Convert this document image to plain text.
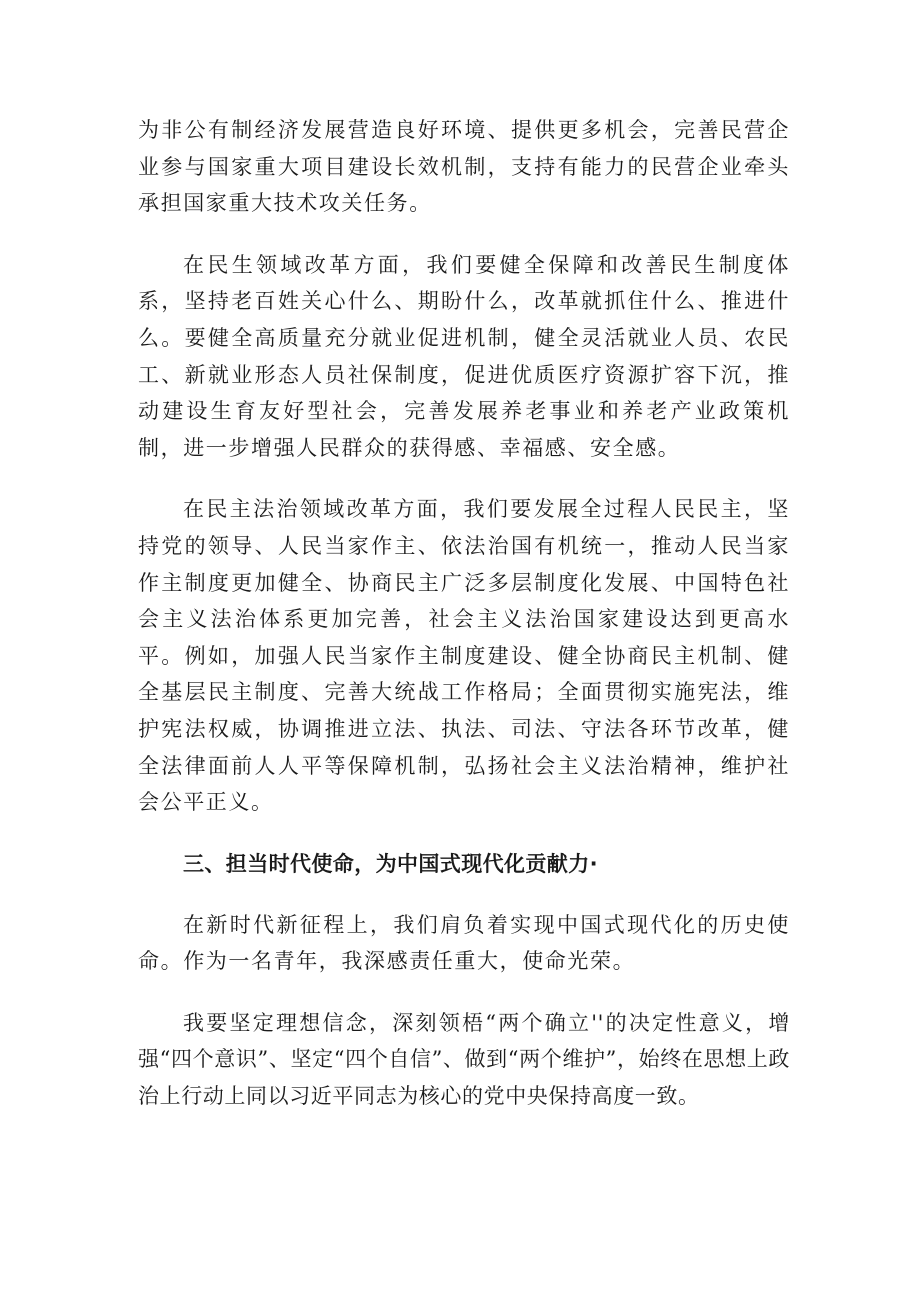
为非公有制经济发展营造良好环境、提供更多机会，完善民营企业参与国家重大项目建设长效机制，支持有能力的民营企业牵头承担国家重大技术攻关任务。

在民生领域改革方面，我们要健全保障和改善民生制度体系，坚持老百姓关心什么、期盼什么，改革就抓住什么、推进什么。要健全高质量充分就业促进机制，健全灵活就业人员、农民工、新就业形态人员社保制度，促进优质医疗资源扩容下沉，推动建设生育友好型社会，完善发展养老事业和养老产业政策机制，进一步增强人民群众的获得感、幸福感、安全感。

在民主法治领域改革方面，我们要发展全过程人民民主，坚持党的领导、人民当家作主、依法治国有机统一，推动人民当家作主制度更加健全、协商民主广泛多层制度化发展、中国特色社会主义法治体系更加完善，社会主义法治国家建设达到更高水平。例如，加强人民当家作主制度建设、健全协商民主机制、健全基层民主制度、完善大统战工作格局；全面贯彻实施宪法，维护宪法权威，协调推进立法、执法、司法、守法各环节改革，健全法律面前人人平等保障机制，弘扬社会主义法治精神，维护社会公平正义。

三、担当时代使命，为中国式现代化贡献力·

在新时代新征程上，我们肩负着实现中国式现代化的历史使命。作为一名青年，我深感责任重大，使命光荣。

我要坚定理想信念，深刻领梧“两个确立''的决定性意义，增强“四个意识”、坚定“四个自信”、做到“两个维护”，始终在思想上政治上行动上同以习近平同志为核心的党中央保持高度一致。
